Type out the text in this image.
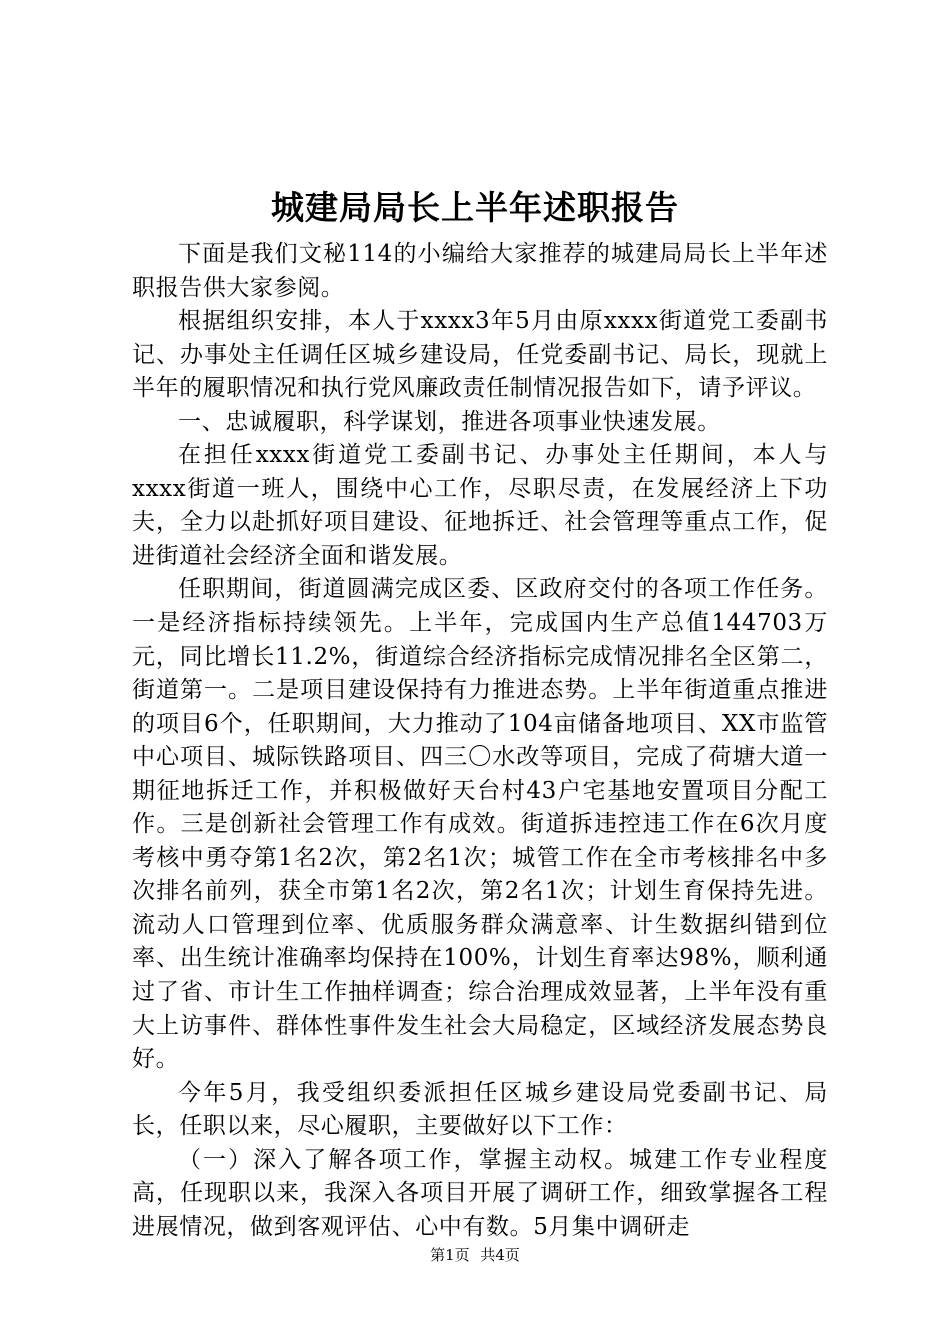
城建局局长上半年述职报告

下面是我们文秘114的小编给大家推荐的城建局局长上半年述职报告供大家参阅。

根据组织安排，本人于xxxx3年5月由原xxxx街道党工委副书记、办事处主任调任区城乡建设局，任党委副书记、局长，现就上半年的履职情况和执行党风廉政责任制情况报告如下，请予评议。

一、忠诚履职，科学谋划，推进各项事业快速发展。

在担任xxxx街道党工委副书记、办事处主任期间，本人与xxxx街道一班人，围绕中心工作，尽职尽责，在发展经济上下功夫，全力以赴抓好项目建设、征地拆迁、社会管理等重点工作，促进街道社会经济全面和谐发展。

任职期间，街道圆满完成区委、区政府交付的各项工作任务。一是经济指标持续领先。上半年，完成国内生产总值144703万元，同比增长11.2%，街道综合经济指标完成情况排名全区第二，街道第一。二是项目建设保持有力推进态势。上半年街道重点推进的项目6个，任职期间，大力推动了104亩储备地项目、XX市监管中心项目、城际铁路项目、四三〇水改等项目，完成了荷塘大道一期征地拆迁工作，并积极做好天台村43户宅基地安置项目分配工作。三是创新社会管理工作有成效。街道拆违控违工作在6次月度考核中勇夺第1名2次，第2名1次；城管工作在全市考核排名中多次排名前列，获全市第1名2次，第2名1次；计划生育保持先进。流动人口管理到位率、优质服务群众满意率、计生数据纠错到位率、出生统计准确率均保持在100%，计划生育率达98%，顺利通过了省、市计生工作抽样调查；综合治理成效显著，上半年没有重大上访事件、群体性事件发生社会大局稳定，区域经济发展态势良好。

今年5月，我受组织委派担任区城乡建设局党委副书记、局长，任职以来，尽心履职，主要做好以下工作：

（一）深入了解各项工作，掌握主动权。城建工作专业程度高，任现职以来，我深入各项目开展了调研工作，细致掌握各工程进展情况，做到客观评估、心中有数。5月集中调研走

第1页 共4页
